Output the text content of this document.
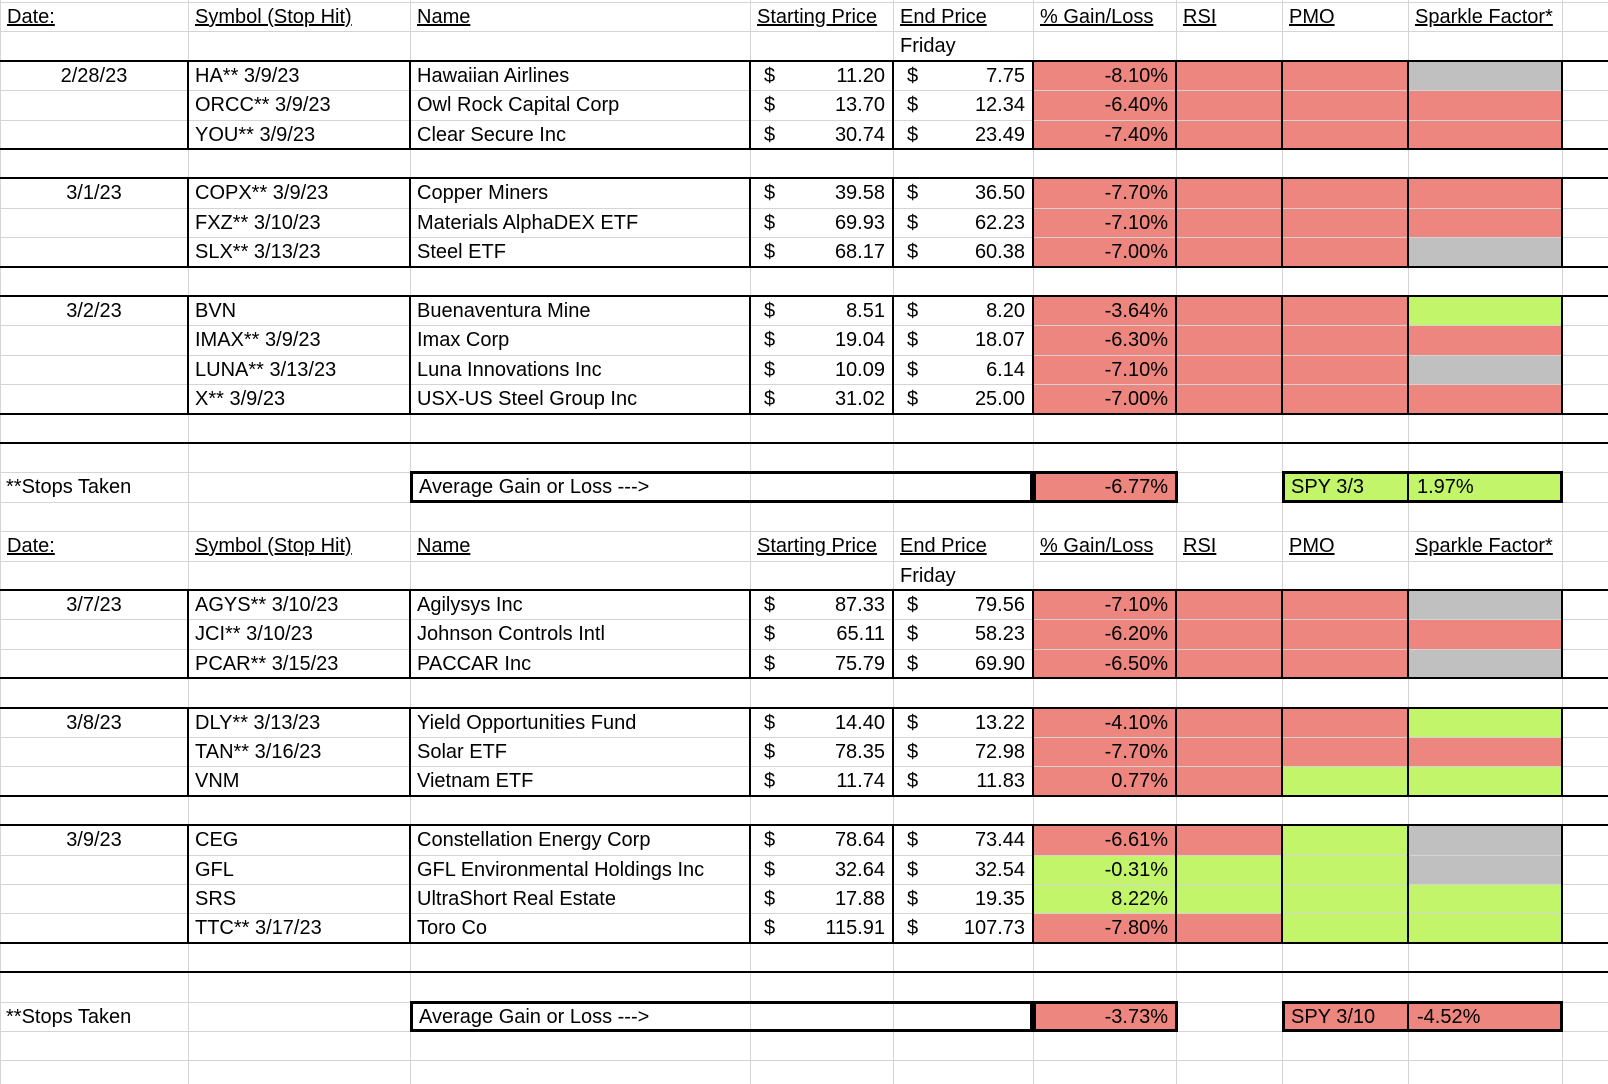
Date:	Symbol (Stop Hit)	Name	Starting Price	End Price	% Gain/Loss	RSI	PMO	Sparkle Factor*
Friday
2/28/23	HA** 3/9/23	Hawaiian Airlines	$	11.20	$	7.75	-8.10%
ORCC** 3/9/23	Owl Rock Capital Corp	$	13.70	$	12.34	-6.40%
YOU** 3/9/23	Clear Secure Inc	$	30.74	$	23.49	-7.40%
3/1/23	COPX** 3/9/23	Copper Miners	$	39.58	$	36.50	-7.70%
FXZ** 3/10/23	Materials AlphaDEX ETF	$	69.93	$	62.23	-7.10%
SLX** 3/13/23	Steel ETF	$	68.17	$	60.38	-7.00%
3/2/23	BVN	Buenaventura Mine	$	8.51	$	8.20	-3.64%
IMAX** 3/9/23	Imax Corp	$	19.04	$	18.07	-6.30%
LUNA** 3/13/23	Luna Innovations Inc	$	10.09	$	6.14	-7.10%
X** 3/9/23	USX-US Steel Group Inc	$	31.02	$	25.00	-7.00%
**Stops Taken	Average Gain or Loss --->	-6.77%	SPY 3/3	1.97%
Date:	Symbol (Stop Hit)	Name	Starting Price	End Price	% Gain/Loss	RSI	PMO	Sparkle Factor*
Friday
3/7/23	AGYS** 3/10/23	Agilysys Inc	$	87.33	$	79.56	-7.10%
JCI** 3/10/23	Johnson Controls Intl	$	65.11	$	58.23	-6.20%
PCAR** 3/15/23	PACCAR Inc	$	75.79	$	69.90	-6.50%
3/8/23	DLY** 3/13/23	Yield Opportunities Fund	$	14.40	$	13.22	-4.10%
TAN** 3/16/23	Solar ETF	$	78.35	$	72.98	-7.70%
VNM	Vietnam ETF	$	11.74	$	11.83	0.77%
3/9/23	CEG	Constellation Energy Corp	$	78.64	$	73.44	-6.61%
GFL	GFL Environmental Holdings Inc	$	32.64	$	32.54	-0.31%
SRS	UltraShort Real Estate	$	17.88	$	19.35	8.22%
TTC** 3/17/23	Toro Co	$	115.91	$	107.73	-7.80%
**Stops Taken	Average Gain or Loss --->	-3.73%	SPY 3/10	-4.52%
